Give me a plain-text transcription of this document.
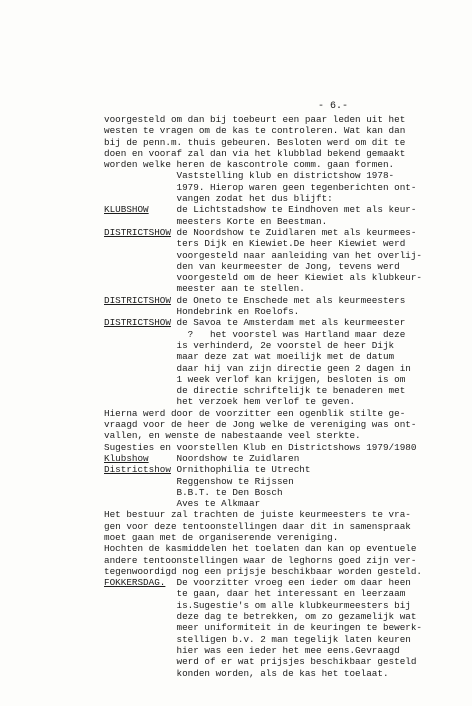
- 6.-
voorgesteld om dan bij toebeurt een paar leden uit het
westen te vragen om de kas te controleren. Wat kan dan
bij de penn.m. thuis gebeuren. Besloten werd om dit te
doen en vooraf zal dan via het klubblad bekend gemaakt
worden welke heren de kascontrole comm. gaan formen.
Vaststelling klub en districtshow 1978-
1979. Hierop waren geen tegenberichten ont-
vangen zodat het dus blijft:
KLUBSHOW     de Lichtstadshow te Eindhoven met als keur-
meesters Korte en Beestman.
DISTRICTSHOW de Noordshow te Zuidlaren met als keurmees-
ters Dijk en Kiewiet.De heer Kiewiet werd
voorgesteld naar aanleiding van het overlij-
den van keurmeester de Jong, tevens werd
voorgesteld om de heer Kiewiet als klubkeur-
meester aan te stellen.
DISTRICTSHOW de Oneto te Enschede met als keurmeesters
Hondebrink en Roelofs.
DISTRICTSHOW de Savoa te Amsterdam met als keurmeester
?   het voorstel was Hartland maar deze
is verhinderd, 2e voorstel de heer Dijk
maar deze zat wat moeilijk met de datum
daar hij van zijn directie geen 2 dagen in
1 week verlof kan krijgen, besloten is om
de directie schriftelijk te benaderen met
het verzoek hem verlof te geven.
Hierna werd door de voorzitter een ogenblik stilte ge-
vraagd voor de heer de Jong welke de vereniging was ont-
vallen, en wenste de nabestaande veel sterkte.
Sugesties en voorstellen Klub en Districtshows 1979/1980
Klubshow     Noordshow te Zuidlaren
Districtshow Ornithophilia te Utrecht
Reggenshow te Rijssen
B.B.T. te Den Bosch
Aves te Alkmaar
Het bestuur zal trachten de juiste keurmeesters te vra-
gen voor deze tentoonstellingen daar dit in samenspraak
moet gaan met de organiserende vereniging.
Hochten de kasmiddelen het toelaten dan kan op eventuele
andere tentoonstellingen waar de leghorns goed zijn ver-
tegenwoordigd nog een prijsje beschikbaar worden gesteld.
FOKKERSDAG.  De voorzitter vroeg een ieder om daar heen
te gaan, daar het interessant en leerzaam
is.Sugestie's om alle klubkeurmeesters bij
deze dag te betrekken, om zo gezamelijk wat
meer uniformiteit in de keuringen te bewerk-
stelligen b.v. 2 man tegelijk laten keuren
hier was een ieder het mee eens.Gevraagd
werd of er wat prijsjes beschikbaar gesteld
konden worden, als de kas het toelaat.
